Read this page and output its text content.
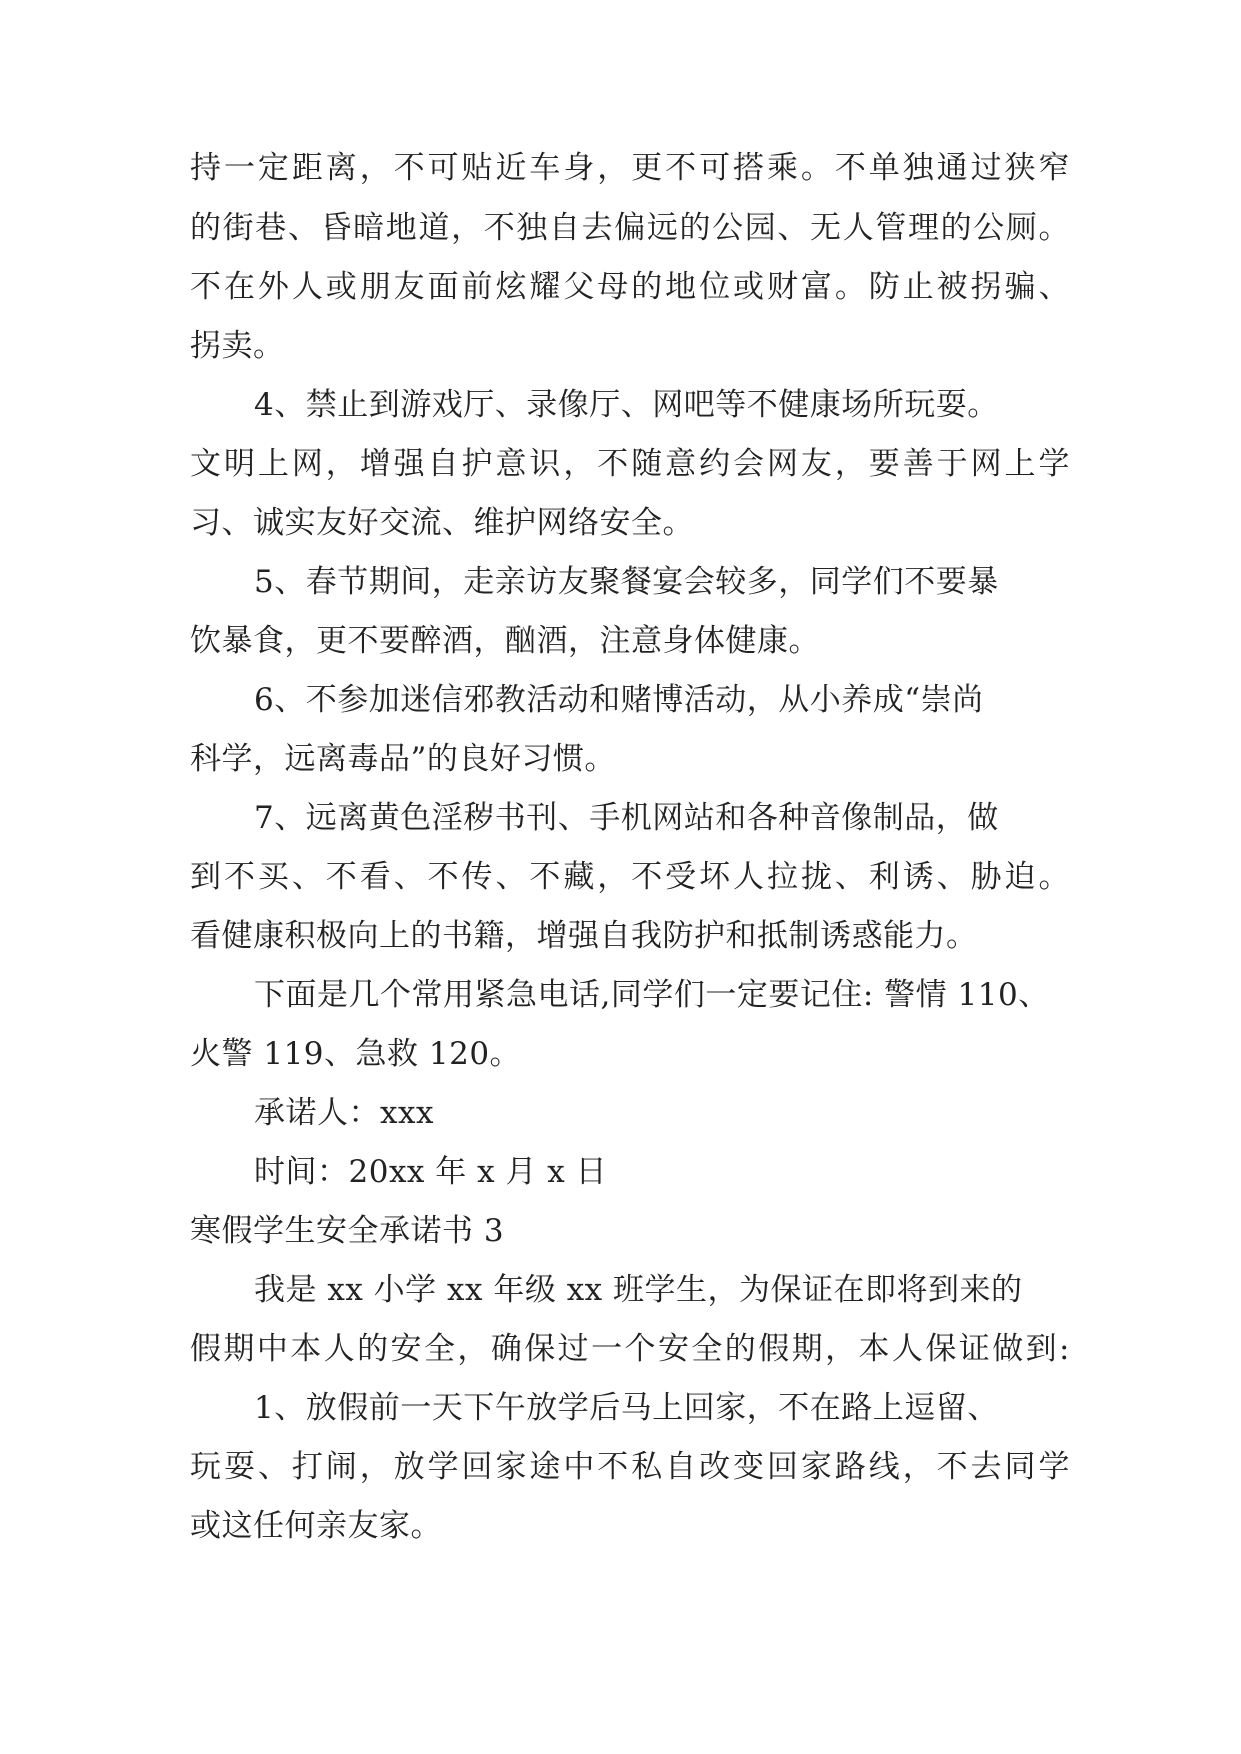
持一定距离，不可贴近车身，更不可搭乘。不单独通过狭窄
的街巷、昏暗地道，不独自去偏远的公园、无人管理的公厕。
不在外人或朋友面前炫耀父母的地位或财富。防止被拐骗、
拐卖。
4、禁止到游戏厅、录像厅、网吧等不健康场所玩耍。
文明上网，增强自护意识，不随意约会网友，要善于网上学
习、诚实友好交流、维护网络安全。
5、春节期间，走亲访友聚餐宴会较多，同学们不要暴
饮暴食，更不要醉酒，酗酒，注意身体健康。
6、不参加迷信邪教活动和赌博活动，从小养成“崇尚
科学，远离毒品”的良好习惯。
7、远离黄色淫秽书刊、手机网站和各种音像制品，做
到不买、不看、不传、不藏，不受坏人拉拢、利诱、胁迫。
看健康积极向上的书籍，增强自我防护和抵制诱惑能力。
下面是几个常用紧急电话,同学们一定要记住: 警情 110、
火警 119、急救 120。
承诺人：xxx
时间：20xx 年 x 月 x 日
寒假学生安全承诺书 3
我是 xx 小学 xx 年级 xx 班学生，为保证在即将到来的
假期中本人的安全，确保过一个安全的假期，本人保证做到:
1、放假前一天下午放学后马上回家，不在路上逗留、
玩耍、打闹，放学回家途中不私自改变回家路线，不去同学
或这任何亲友家。
